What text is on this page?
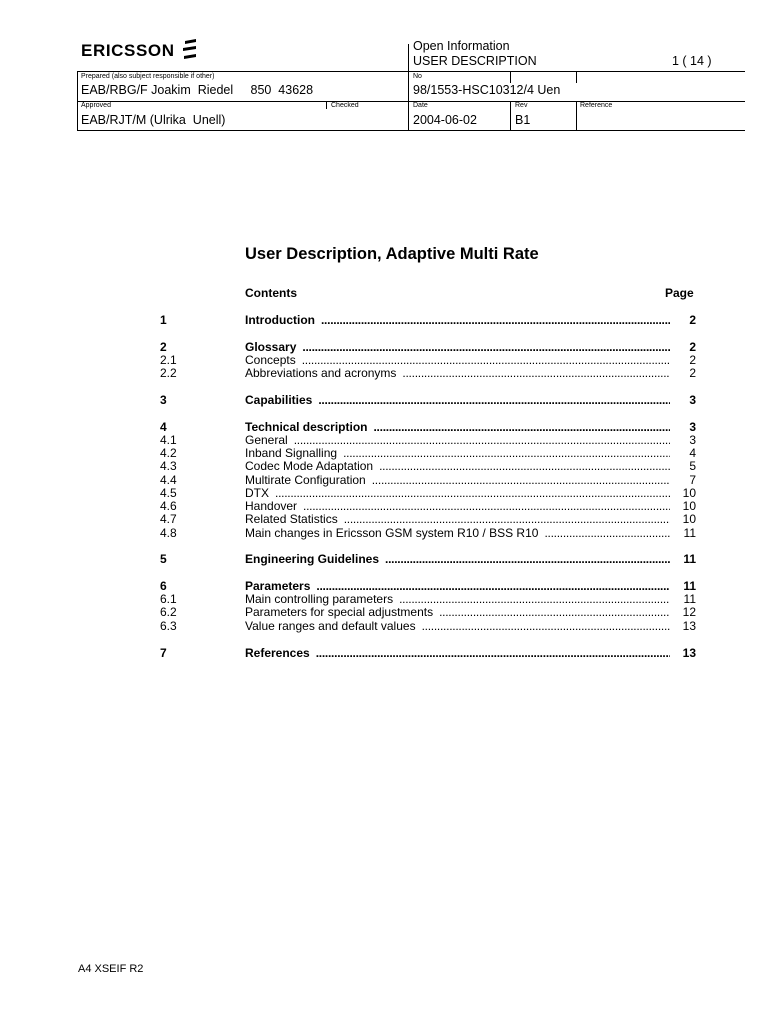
ERICSSON	Open Information
USER DESCRIPTION	1 ( 14 )
Prepared (also subject responsible if other)
EAB/RBG/F Joakim  Riedel     850  43628
No
98/1553-HSC10312/4 Uen
Approved
EAB/RJT/M (Ulrika  Unell)
Checked	Date
2004-06-02
Rev
B1
Reference
User Description, Adaptive Multi Rate
Contents	Page
1	Introduction . . .	2
2	Glossary . . .	2
2.1	Concepts . . .	2
2.2	Abbreviations and acronyms . . .	2
3	Capabilities . . .	3
4	Technical description . . .	3
4.1	General . . .	3
4.2	Inband Signalling . . .	4
4.3	Codec Mode Adaptation . . .	5
4.4	Multirate Configuration . . .	7
4.5	DTX . . .	10
4.6	Handover . . .	10
4.7	Related Statistics . . .	10
4.8	Main changes in Ericsson GSM system R10 / BSS R10 . . .	11
5	Engineering Guidelines . . .	11
6	Parameters . . .	11
6.1	Main controlling parameters . . .	11
6.2	Parameters for special adjustments . . .	12
6.3	Value ranges and default values . . .	13
7	References . . .	13
A4 XSEIF R2
